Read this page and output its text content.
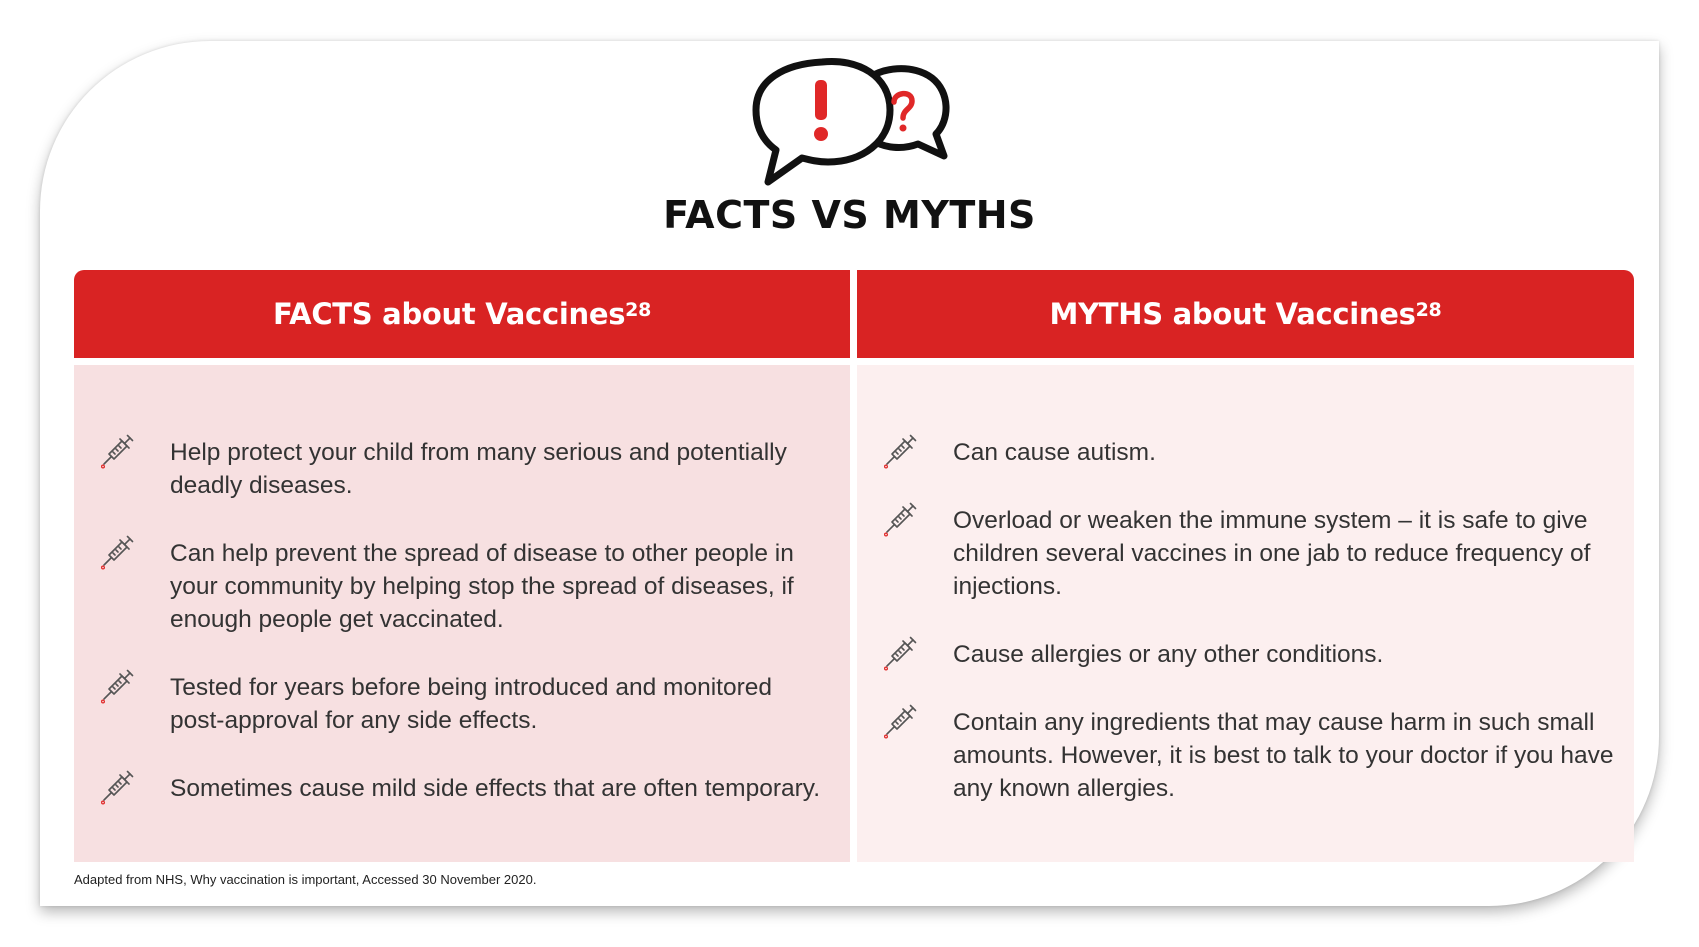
FACTS VS MYTHS
FACTS about Vaccines$^{28}$
Help protect your child from many serious and potentially deadly diseases.
Can help prevent the spread of disease to other people in your community by helping stop the spread of diseases, if enough people get vaccinated.
Tested for years before being introduced and monitored post-approval for any side effects.
Sometimes cause mild side effects that are often temporary.
MYTHS about Vaccines$^{28}$
Can cause autism.
Overload or weaken the immune system – it is safe to give children several vaccines in one jab to reduce frequency of injections.
Cause allergies or any other conditions.
Contain any ingredients that may cause harm in such small amounts. However, it is best to talk to your doctor if you have any known allergies.
Adapted from NHS, Why vaccination is important, Accessed 30 November 2020.
